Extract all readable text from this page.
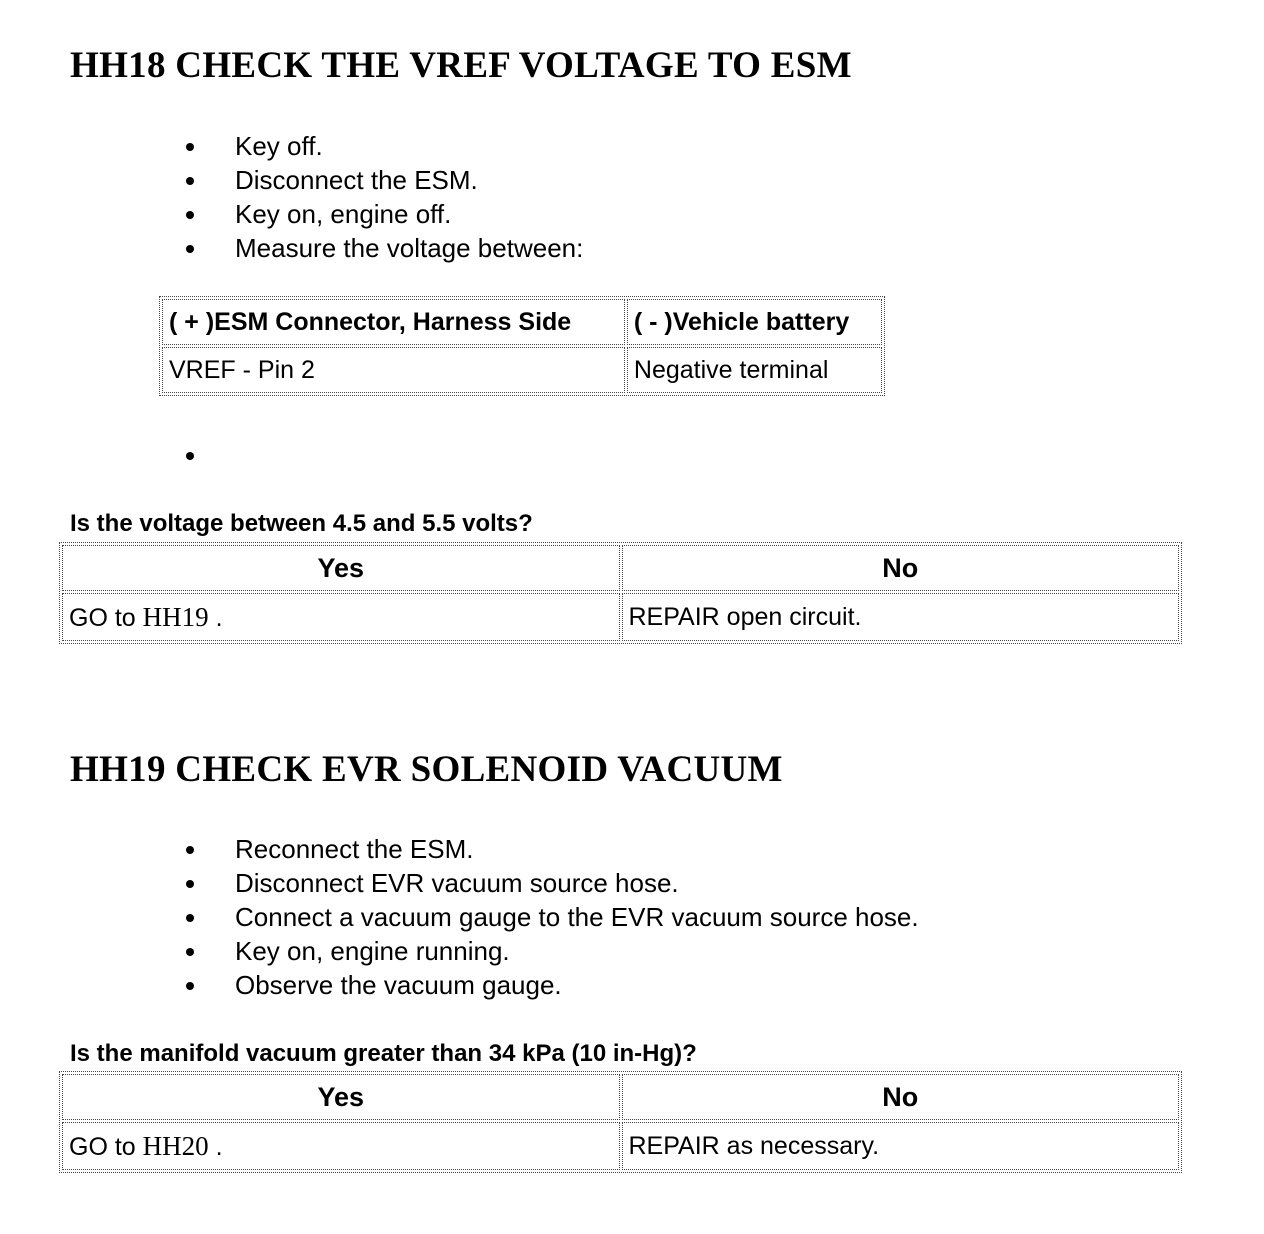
HH18 CHECK THE VREF VOLTAGE TO ESM
Key off.
Disconnect the ESM.
Key on, engine off.
Measure the voltage between:
( + )ESM Connector, Harness Side	( - )Vehicle battery
VREF - Pin 2	Negative terminal

Is the voltage between 4.5 and 5.5 volts?

Yes	No
GO to HH19 .	REPAIR open circuit.
HH19 CHECK EVR SOLENOID VACUUM
Reconnect the ESM.
Disconnect EVR vacuum source hose.
Connect a vacuum gauge to the EVR vacuum source hose.
Key on, engine running.
Observe the vacuum gauge.

Is the manifold vacuum greater than 34 kPa (10 in-Hg)?

Yes	No
GO to HH20 .	REPAIR as necessary.
